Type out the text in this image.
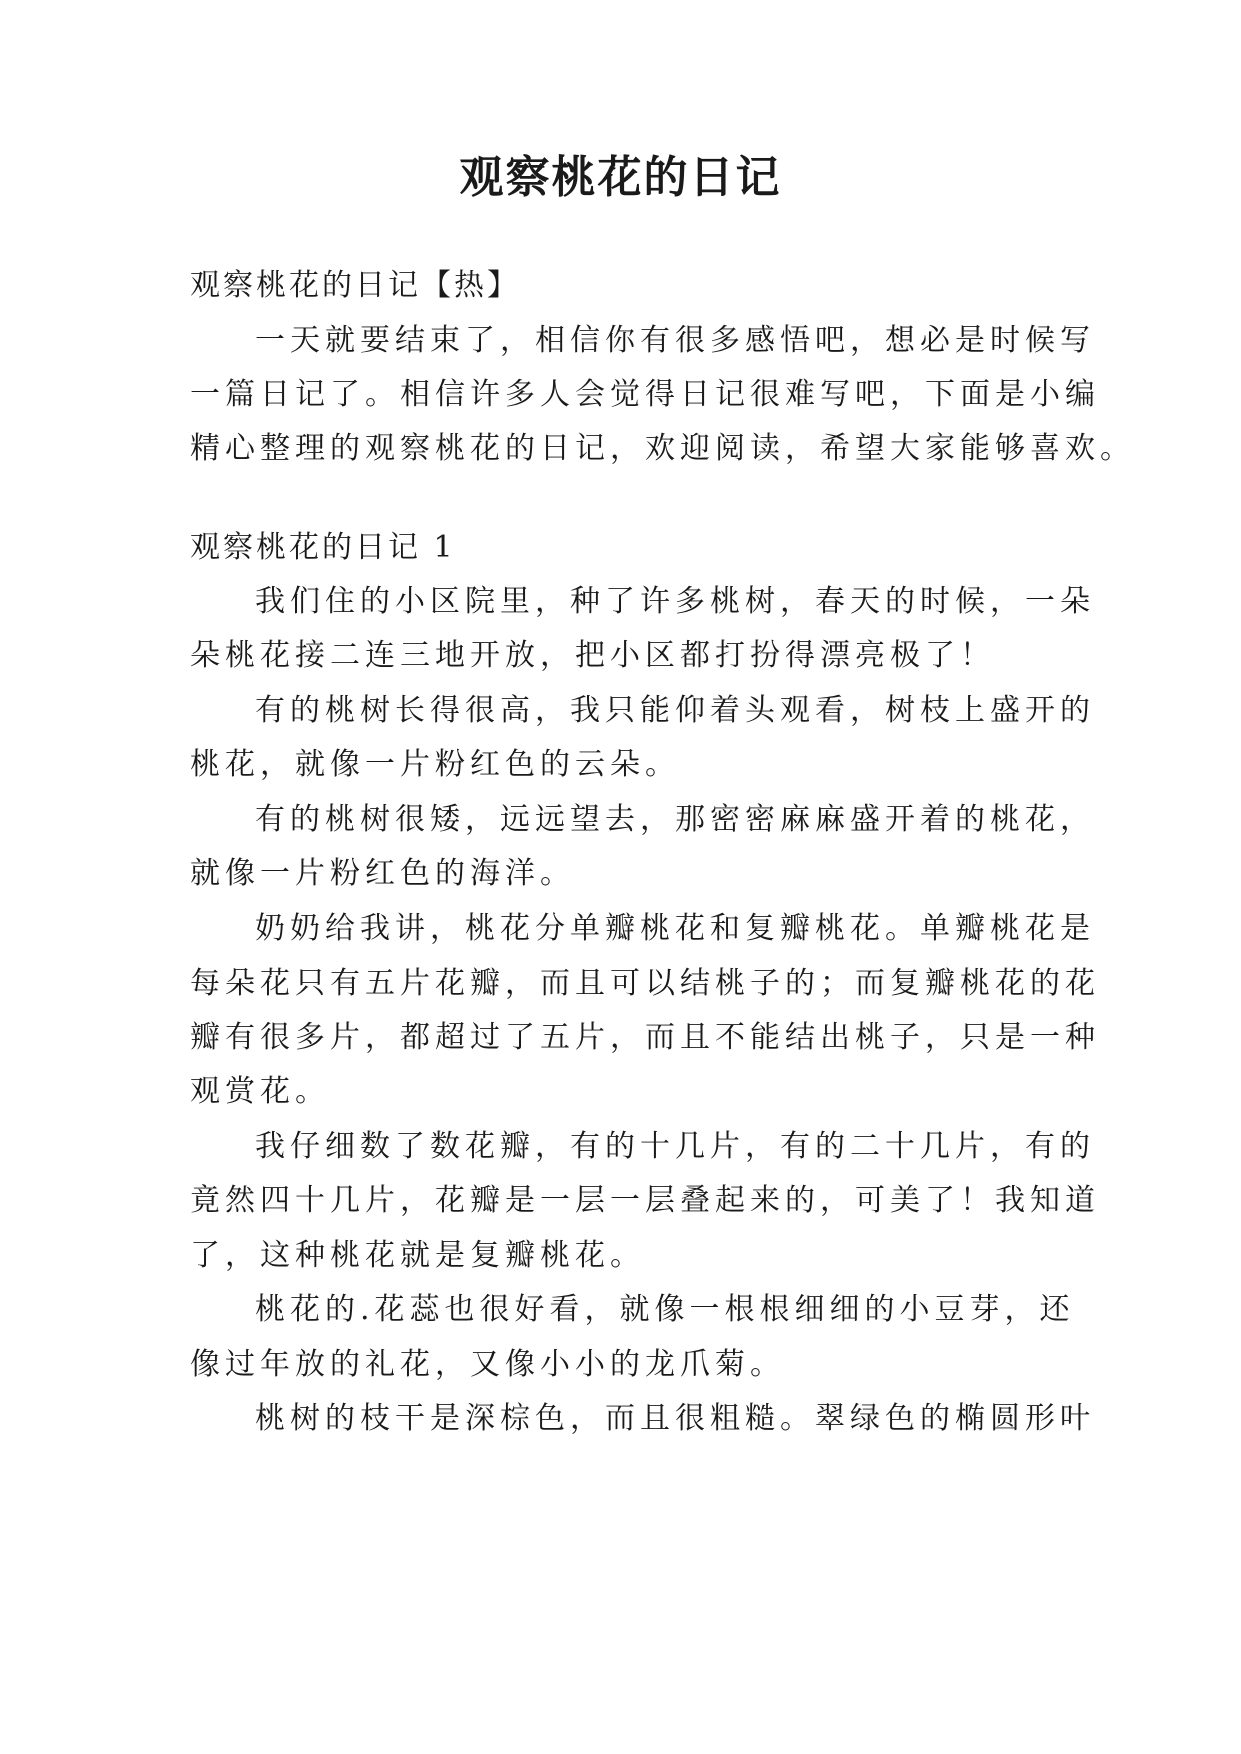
观察桃花的日记

观察桃花的日记【热】

一天就要结束了，相信你有很多感悟吧，想必是时候写

一篇日记了。相信许多人会觉得日记很难写吧，下面是小编

精心整理的观察桃花的日记，欢迎阅读，希望大家能够喜欢。

观察桃花的日记 1

我们住的小区院里，种了许多桃树，春天的时候，一朵

朵桃花接二连三地开放，把小区都打扮得漂亮极了！

有的桃树长得很高，我只能仰着头观看，树枝上盛开的

桃花，就像一片粉红色的云朵。

有的桃树很矮，远远望去，那密密麻麻盛开着的桃花，

就像一片粉红色的海洋。

奶奶给我讲，桃花分单瓣桃花和复瓣桃花。单瓣桃花是

每朵花只有五片花瓣，而且可以结桃子的；而复瓣桃花的花

瓣有很多片，都超过了五片，而且不能结出桃子，只是一种

观赏花。

我仔细数了数花瓣，有的十几片，有的二十几片，有的

竟然四十几片，花瓣是一层一层叠起来的，可美了！我知道

了，这种桃花就是复瓣桃花。

桃花的.花蕊也很好看，就像一根根细细的小豆芽，还

像过年放的礼花，又像小小的龙爪菊。

桃树的枝干是深棕色，而且很粗糙。翠绿色的椭圆形叶
